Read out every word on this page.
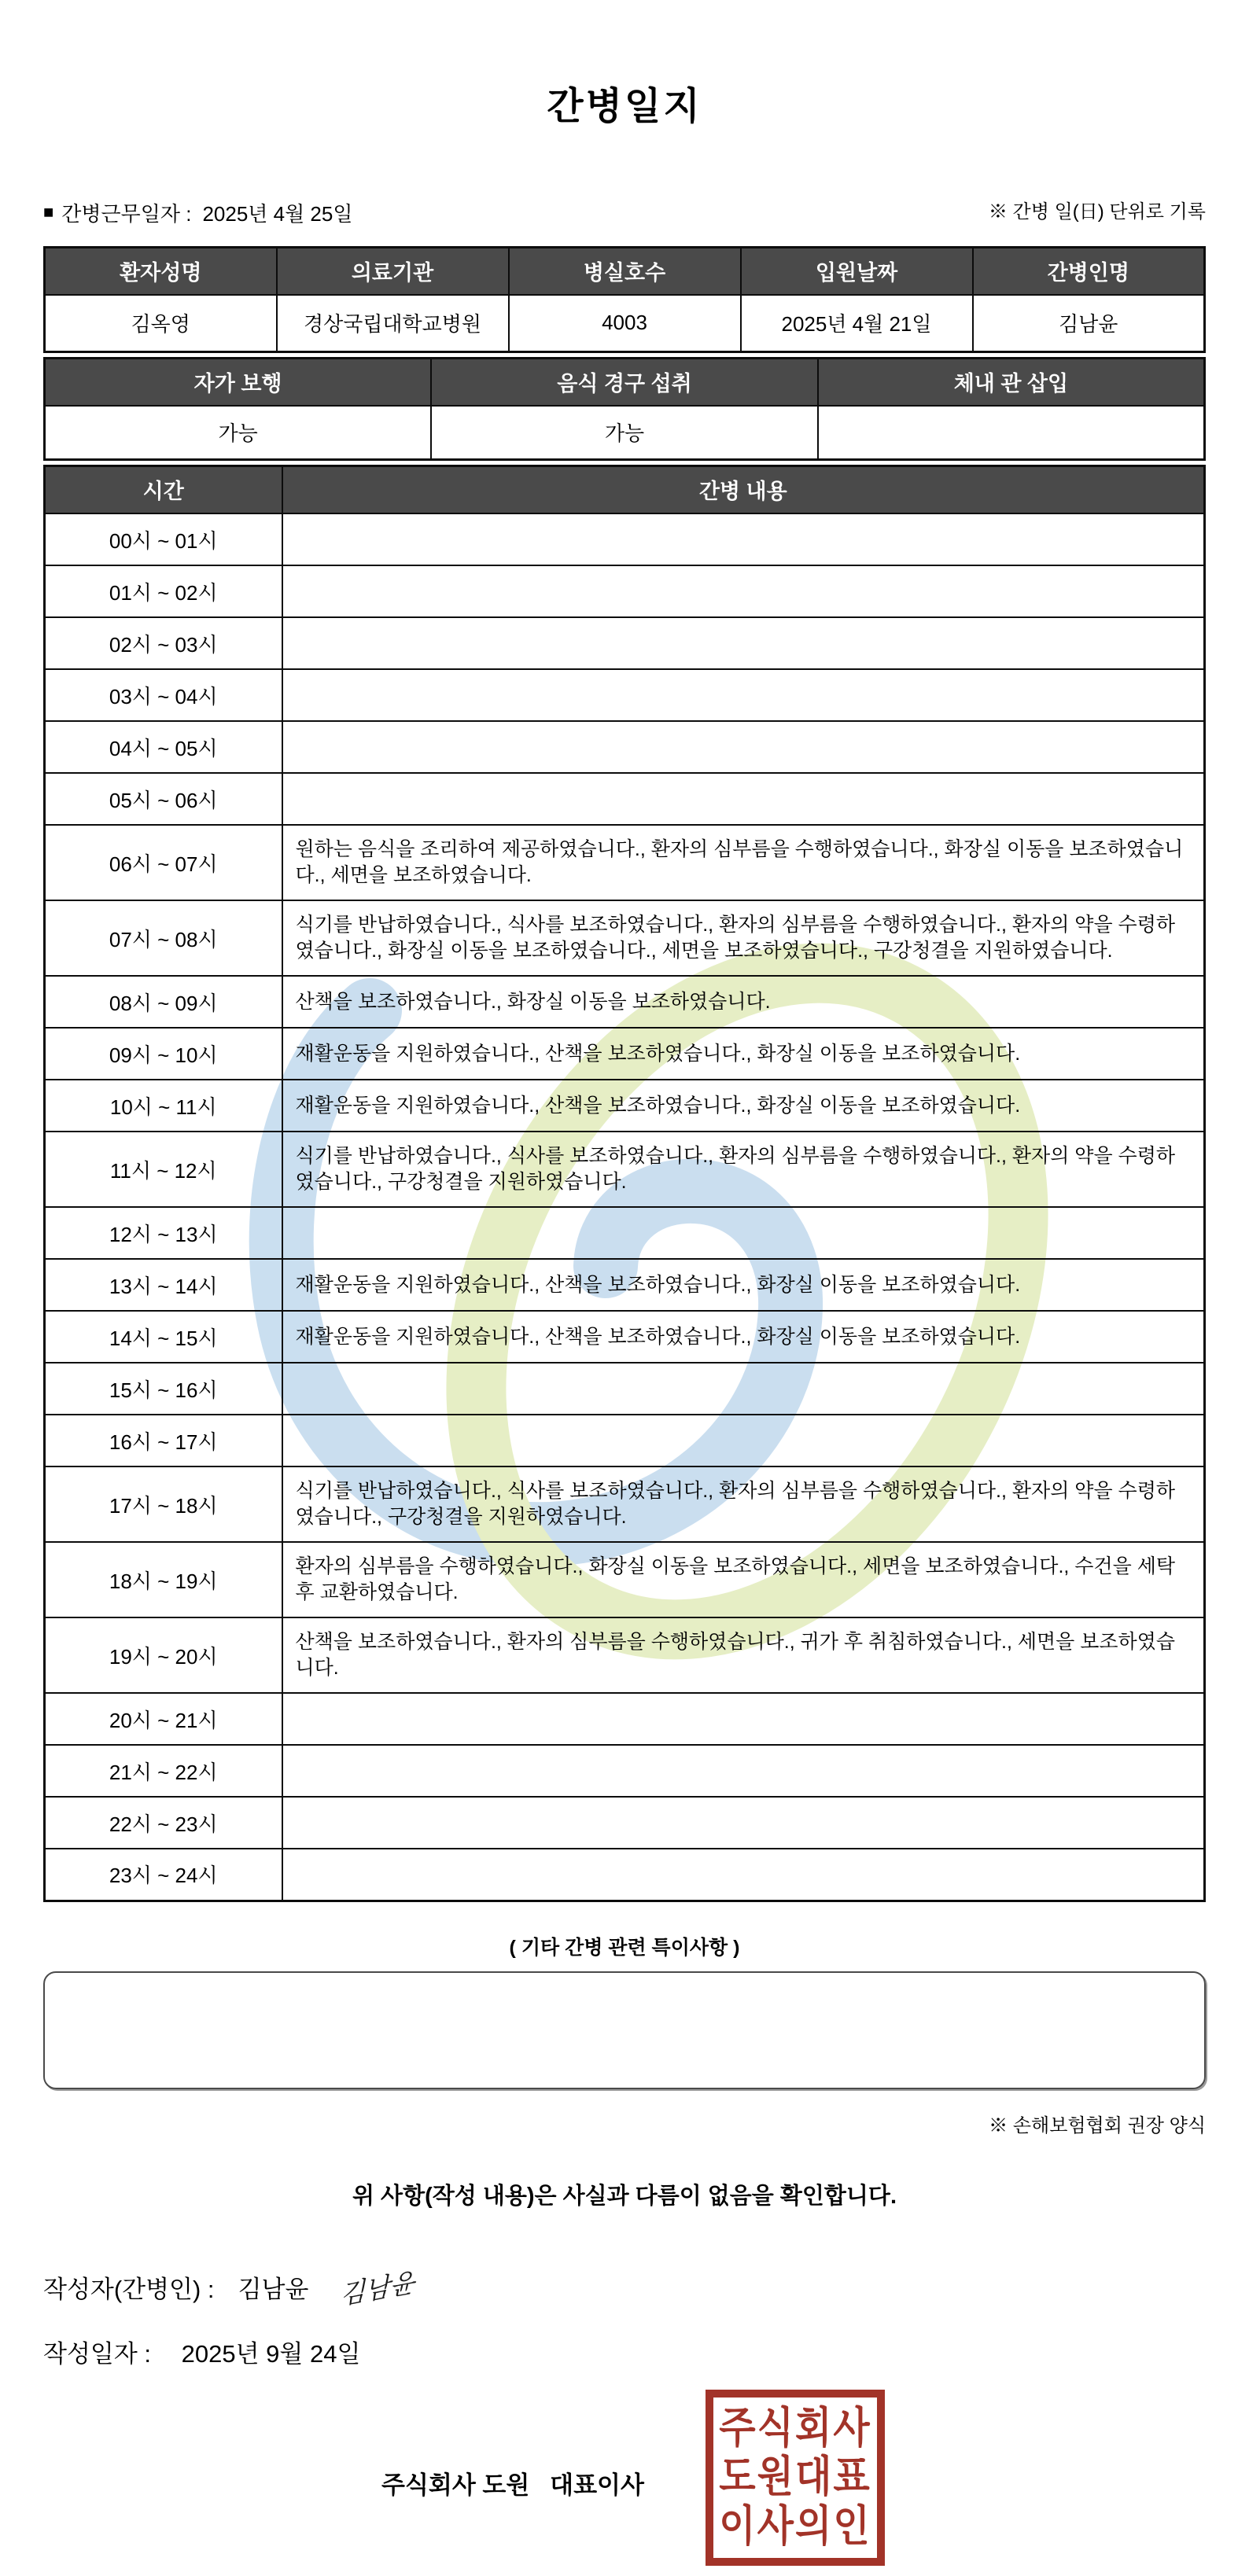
간병일지
■ 간병근무일자 : 2025년 4월 25일	※ 간병 일(日) 단위로 기록
환자성명	의료기관	병실호수	입원날짜	간병인명
김옥영	경상국립대학교병원	4003	2025년 4월 21일	김남윤
자가 보행	음식 경구 섭취	체내 관 삽입
가능	가능	
시간	간병 내용
00시 ~ 01시	
01시 ~ 02시	
02시 ~ 03시	
03시 ~ 04시	
04시 ~ 05시	
05시 ~ 06시	
06시 ~ 07시	원하는 음식을 조리하여 제공하였습니다., 환자의 심부름을 수행하였습니다., 화장실 이동을 보조하였습니다., 세면을 보조하였습니다.
07시 ~ 08시	식기를 반납하였습니다., 식사를 보조하였습니다., 환자의 심부름을 수행하였습니다., 환자의 약을 수령하였습니다., 화장실 이동을 보조하였습니다., 세면을 보조하였습니다., 구강청결을 지원하였습니다.
08시 ~ 09시	산책을 보조하였습니다., 화장실 이동을 보조하였습니다.
09시 ~ 10시	재활운동을 지원하였습니다., 산책을 보조하였습니다., 화장실 이동을 보조하였습니다.
10시 ~ 11시	재활운동을 지원하였습니다., 산책을 보조하였습니다., 화장실 이동을 보조하였습니다.
11시 ~ 12시	식기를 반납하였습니다., 식사를 보조하였습니다., 환자의 심부름을 수행하였습니다., 환자의 약을 수령하였습니다., 구강청결을 지원하였습니다.
12시 ~ 13시	
13시 ~ 14시	재활운동을 지원하였습니다., 산책을 보조하였습니다., 화장실 이동을 보조하였습니다.
14시 ~ 15시	재활운동을 지원하였습니다., 산책을 보조하였습니다., 화장실 이동을 보조하였습니다.
15시 ~ 16시	
16시 ~ 17시	
17시 ~ 18시	식기를 반납하였습니다., 식사를 보조하였습니다., 환자의 심부름을 수행하였습니다., 환자의 약을 수령하였습니다., 구강청결을 지원하였습니다.
18시 ~ 19시	환자의 심부름을 수행하였습니다., 화장실 이동을 보조하였습니다., 세면을 보조하였습니다., 수건을 세탁 후 교환하였습니다.
19시 ~ 20시	산책을 보조하였습니다., 환자의 심부름을 수행하였습니다., 귀가 후 취침하였습니다., 세면을 보조하였습니다.
20시 ~ 21시	
21시 ~ 22시	
22시 ~ 23시	
23시 ~ 24시	
( 기타 간병 관련 특이사항 )
※ 손해보험협회 권장 양식
위 사항(작성 내용)은 사실과 다름이 없음을 확인합니다.
작성자(간병인) : 김남윤 김남윤
작성일자 : 2025년 9월 24일
주식회사 도원   대표이사
주식회사
도원대표
이사의인
